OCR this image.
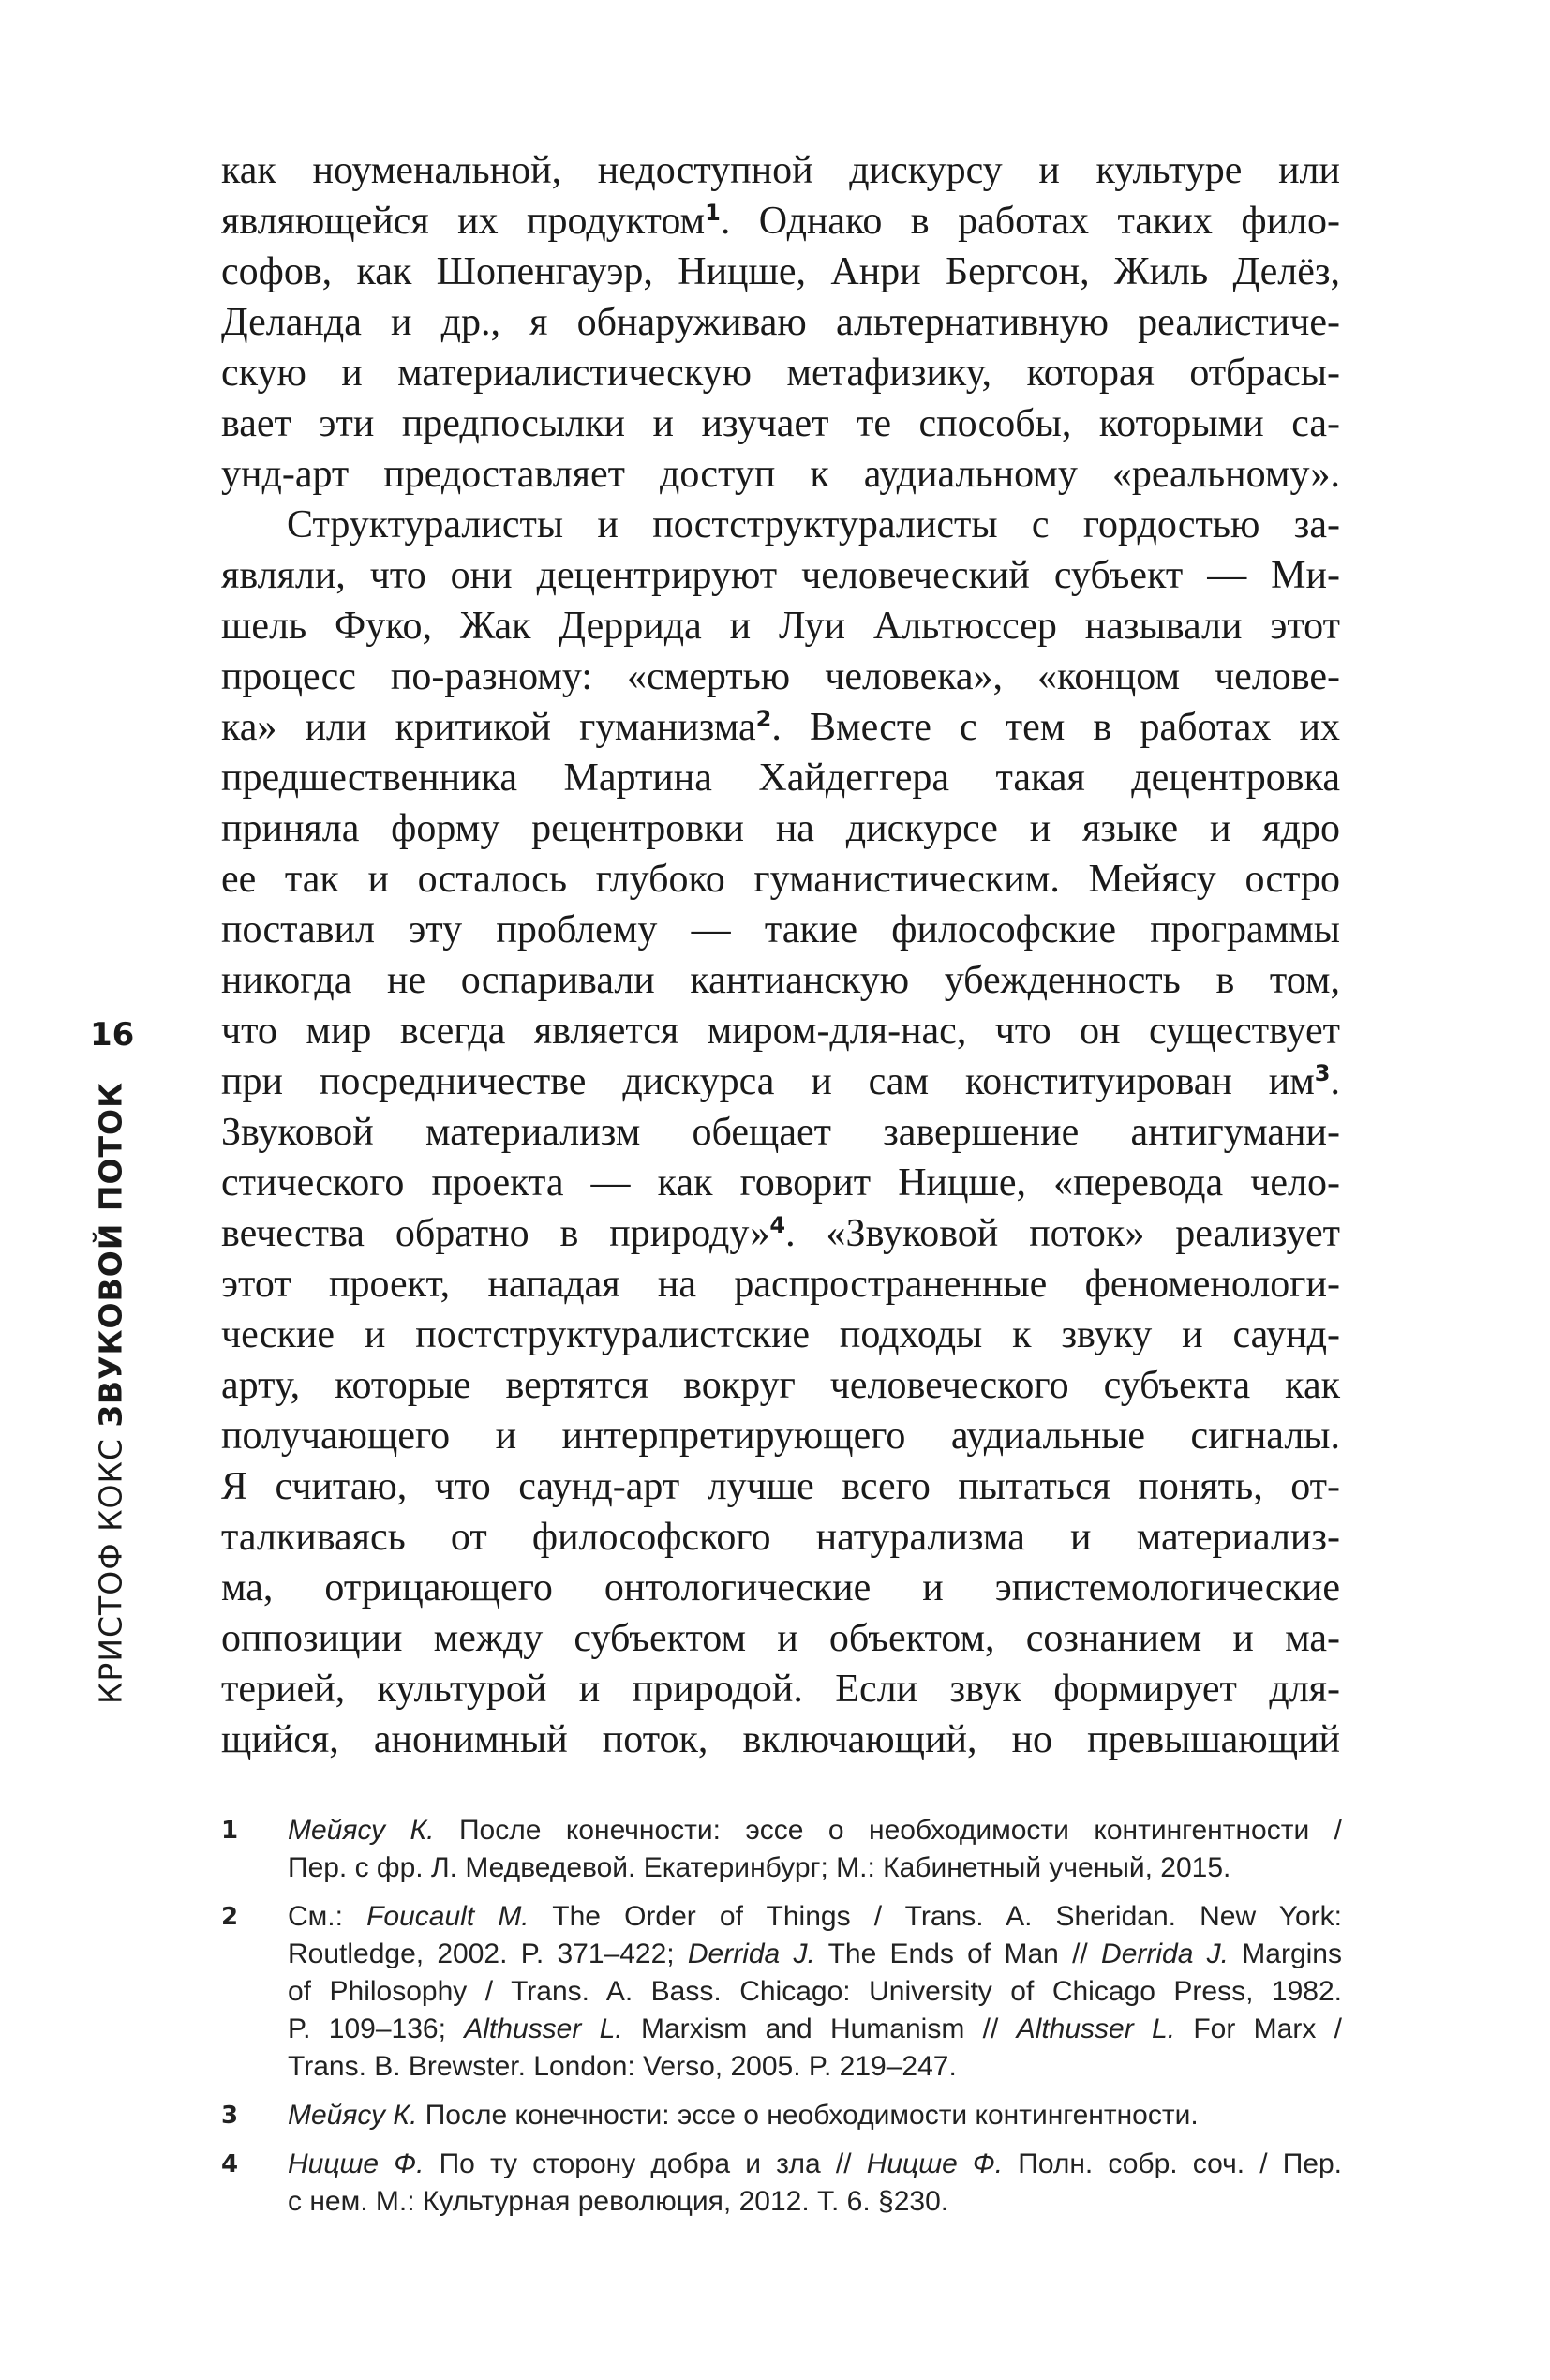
16
КРИСТОФ КОКС ЗВУКОВОЙ ПОТОК
как ноуменальной, недоступной дискурсу и культуре или
являющейся их продуктом$^1$. Однако в работах таких фило-
софов, как Шопенгауэр, Ницше, Анри Бергсон, Жиль Делёз,
Деланда и др., я обнаруживаю альтернативную реалистиче-
скую и материалистическую метафизику, которая отбрасы-
вает эти предпосылки и изучает те способы, которыми са-
унд-арт предоставляет доступ к аудиальному «реальному».
Структуралисты и постструктуралисты с гордостью за-
являли, что они децентрируют человеческий субъект — Ми-
шель Фуко, Жак Деррида и Луи Альтюссер называли этот
процесс по-разному: «смертью человека», «концом челове-
ка» или критикой гуманизма$^2$. Вместе с тем в работах их
предшественника Мартина Хайдеггера такая децентровка
приняла форму рецентровки на дискурсе и языке и ядро
ее так и осталось глубоко гуманистическим. Мейясу остро
поставил эту проблему — такие философские программы
никогда не оспаривали кантианскую убежденность в том,
что мир всегда является миром-для-нас, что он существует
при посредничестве дискурса и сам конституирован $им^3$.
Звуковой материализм обещает завершение антигумани-
стического проекта — как говорит Ницше, «перевода чело-
вечества обратно в природу»$^4$. «Звуковой поток» реализует
этот проект, нападая на распространенные феноменологи-
ческие и постструктуралистские подходы к звуку и саунд-
арту, которые вертятся вокруг человеческого субъекта как
получающего и интерпретирующего аудиальные сигналы.
Я считаю, что саунд-арт лучше всего пытаться понять, от-
талкиваясь от философского натурализма и материализ-
ма, отрицающего онтологические и эпистемологические
оппозиции между субъектом и объектом, сознанием и ма-
терией, культурой и природой. Если звук формирует для-
щийся, анонимный поток, включающий, но превышающий
1 Мейясу К. После конечности: эссе о необходимости контингентности /
Пер. с фр. Л. Медведевой. Екатеринбург; М.: Кабинетный ученый, 2015.
2 См.: Foucault M. The Order of Things / Trans. A. Sheridan. New York:
Routledge, 2002. P. 371–422; Derrida J. The Ends of Man // Derrida J. Margins
of Philosophy / Trans. A. Bass. Chicago: University of Chicago Press, 1982.
P. 109–136; Althusser L. Marxism and Humanism // Althusser L. For Marx /
Trans. B. Brewster. London: Verso, 2005. P. 219–247.
3 Мейясу К. После конечности: эссе о необходимости контингентности.
4 Ницше Ф. По ту сторону добра и зла // Ницше Ф. Полн. собр. соч. / Пер.
с нем. М.: Культурная революция, 2012. Т. 6. §230.
